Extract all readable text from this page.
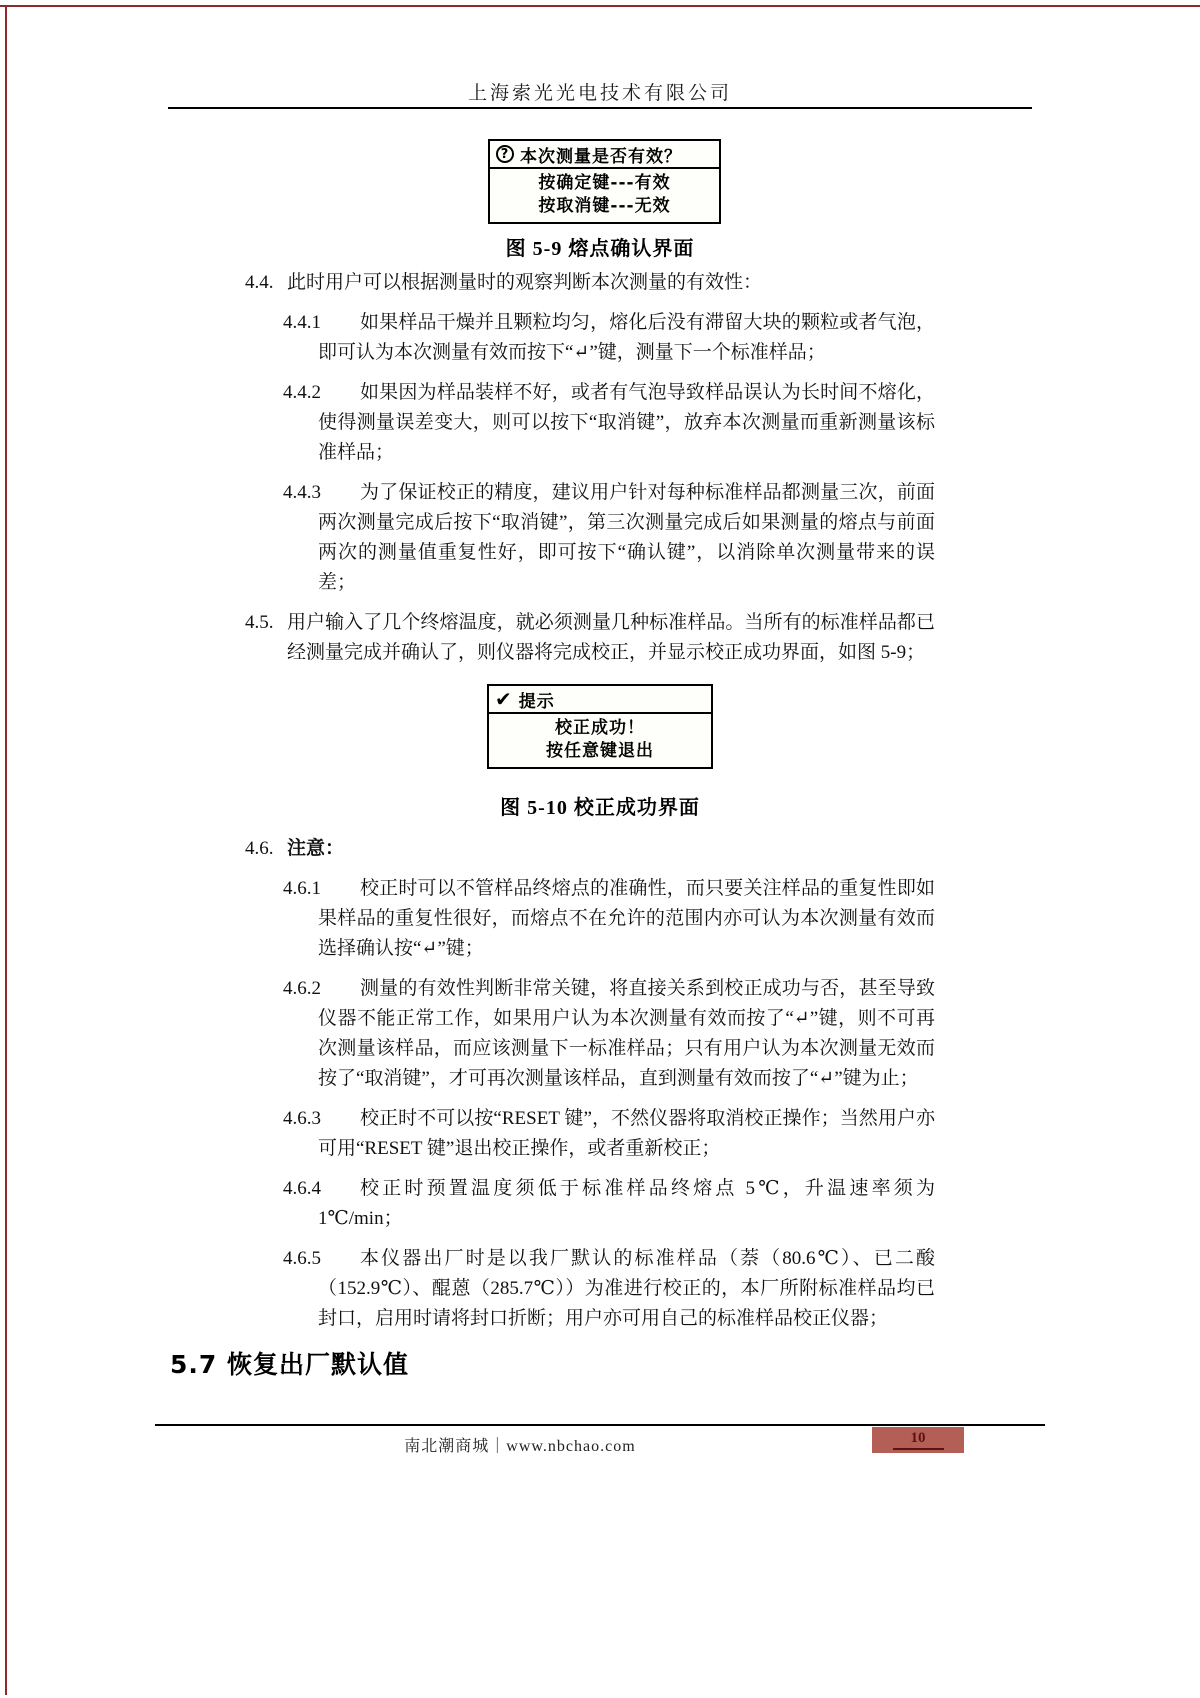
上海索光光电技术有限公司
? 本次测量是否有效？
按确定键---有效
按取消键---无效
图 5-9 熔点确认界面
4.4. 此时用户可以根据测量时的观察判断本次测量的有效性：
4.4.1 如果样品干燥并且颗粒均匀，熔化后没有滞留大块的颗粒或者气泡，即可认为本次测量有效而按下“↵”键，测量下一个标准样品；
4.4.2 如果因为样品装样不好，或者有气泡导致样品误认为长时间不熔化，使得测量误差变大，则可以按下“取消键”，放弃本次测量而重新测量该标准样品；
4.4.3 为了保证校正的精度，建议用户针对每种标准样品都测量三次，前面两次测量完成后按下“取消键”，第三次测量完成后如果测量的熔点与前面两次的测量值重复性好，即可按下“确认键”，以消除单次测量带来的误差；
4.5. 用户输入了几个终熔温度，就必须测量几种标准样品。当所有的标准样品都已经测量完成并确认了，则仪器将完成校正，并显示校正成功界面，如图 5-9；
✔ 提示
校正成功！
按任意键退出
图 5-10 校正成功界面
4.6. 注意：
4.6.1 校正时可以不管样品终熔点的准确性，而只要关注样品的重复性即如果样品的重复性很好，而熔点不在允许的范围内亦可认为本次测量有效而选择确认按“↵”键；
4.6.2 测量的有效性判断非常关键，将直接关系到校正成功与否，甚至导致仪器不能正常工作，如果用户认为本次测量有效而按了“↵”键，则不可再次测量该样品，而应该测量下一标准样品；只有用户认为本次测量无效而按了“取消键”，才可再次测量该样品，直到测量有效而按了“↵”键为止；
4.6.3 校正时不可以按“RESET 键”，不然仪器将取消校正操作；当然用户亦可用“RESET 键”退出校正操作，或者重新校正；
4.6.4 校正时预置温度须低于标准样品终熔点 5℃，升温速率须为 1℃/min；
4.6.5 本仪器出厂时是以我厂默认的标准样品（萘（80.6℃）、已二酸（152.9℃）、醌蒽（285.7℃））为准进行校正的，本厂所附标准样品均已封口，启用时请将封口折断；用户亦可用自己的标准样品校正仪器；
5.7 恢复出厂默认值
南北潮商城｜www.nbchao.com	10
